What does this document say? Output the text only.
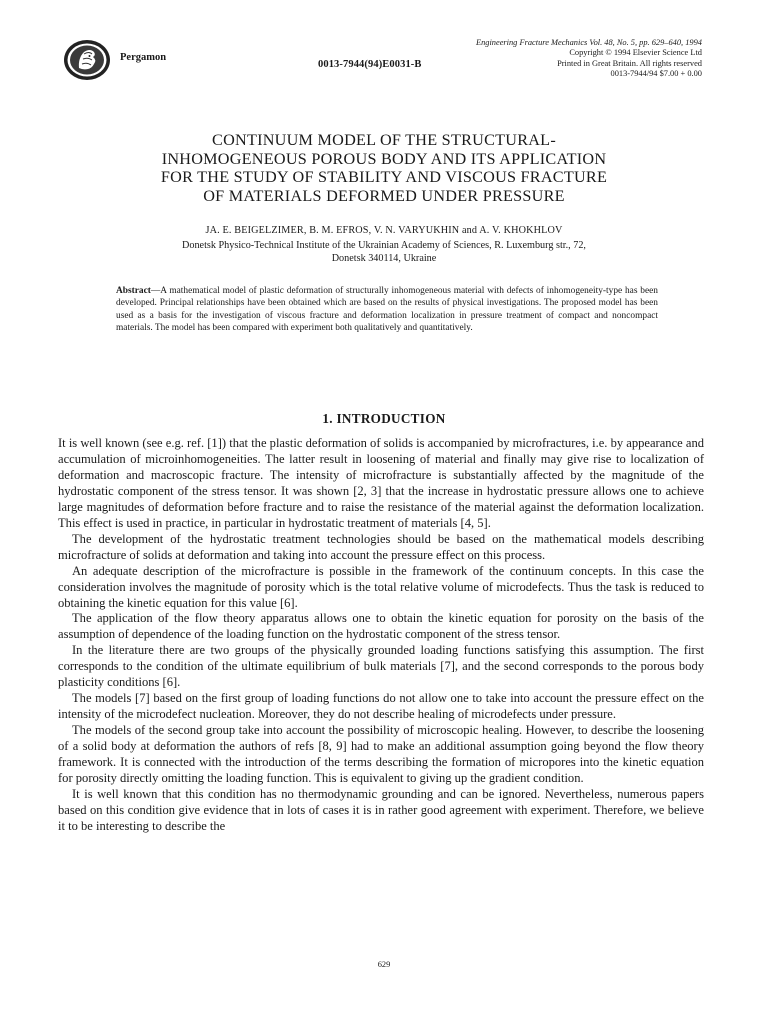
Pergamon
0013-7944(94)E0031-B
Engineering Fracture Mechanics Vol. 48, No. 5, pp. 629–640, 1994
Copyright © 1994 Elsevier Science Ltd
Printed in Great Britain. All rights reserved
0013-7944/94 $7.00 + 0.00
CONTINUUM MODEL OF THE STRUCTURAL-
INHOMOGENEOUS POROUS BODY AND ITS APPLICATION
FOR THE STUDY OF STABILITY AND VISCOUS FRACTURE
OF MATERIALS DEFORMED UNDER PRESSURE
JA. E. BEIGELZIMER, B. M. EFROS, V. N. VARYUKHIN and A. V. KHOKHLOV
Donetsk Physico-Technical Institute of the Ukrainian Academy of Sciences, R. Luxemburg str., 72,
Donetsk 340114, Ukraine
Abstract—A mathematical model of plastic deformation of structurally inhomogeneous material with defects of inhomogeneity-type has been developed. Principal relationships have been obtained which are based on the results of physical investigations. The proposed model has been used as a basis for the investigation of viscous fracture and deformation localization in pressure treatment of compact and noncompact materials. The model has been compared with experiment both qualitatively and quantitatively.
1. INTRODUCTION

It is well known (see e.g. ref. [1]) that the plastic deformation of solids is accompanied by microfractures, i.e. by appearance and accumulation of microinhomogeneities. The latter result in loosening of material and finally may give rise to localization of deformation and macroscopic fracture. The intensity of microfracture is substantially affected by the magnitude of the hydrostatic component of the stress tensor. It was shown [2, 3] that the increase in hydrostatic pressure allows one to achieve large magnitudes of deformation before fracture and to raise the resistance of the material against the deformation localization. This effect is used in practice, in particular in hydrostatic treatment of materials [4, 5].

The development of the hydrostatic treatment technologies should be based on the mathematical models describing microfracture of solids at deformation and taking into account the pressure effect on this process.

An adequate description of the microfracture is possible in the framework of the continuum concepts. In this case the consideration involves the magnitude of porosity which is the total relative volume of microdefects. Thus the task is reduced to obtaining the kinetic equation for this value [6].

The application of the flow theory apparatus allows one to obtain the kinetic equation for porosity on the basis of the assumption of dependence of the loading function on the hydrostatic component of the stress tensor.

In the literature there are two groups of the physically grounded loading functions satisfying this assumption. The first corresponds to the condition of the ultimate equilibrium of bulk materials [7], and the second corresponds to the porous body plasticity conditions [6].

The models [7] based on the first group of loading functions do not allow one to take into account the pressure effect on the intensity of the microdefect nucleation. Moreover, they do not describe healing of microdefects under pressure.

The models of the second group take into account the possibility of microscopic healing. However, to describe the loosening of a solid body at deformation the authors of refs [8, 9] had to make an additional assumption going beyond the flow theory framework. It is connected with the introduction of the terms describing the formation of micropores into the kinetic equation for porosity directly omitting the loading function. This is equivalent to giving up the gradient condition.

It is well known that this condition has no thermodynamic grounding and can be ignored. Nevertheless, numerous papers based on this condition give evidence that in lots of cases it is in rather good agreement with experiment. Therefore, we believe it to be interesting to describe the

629
